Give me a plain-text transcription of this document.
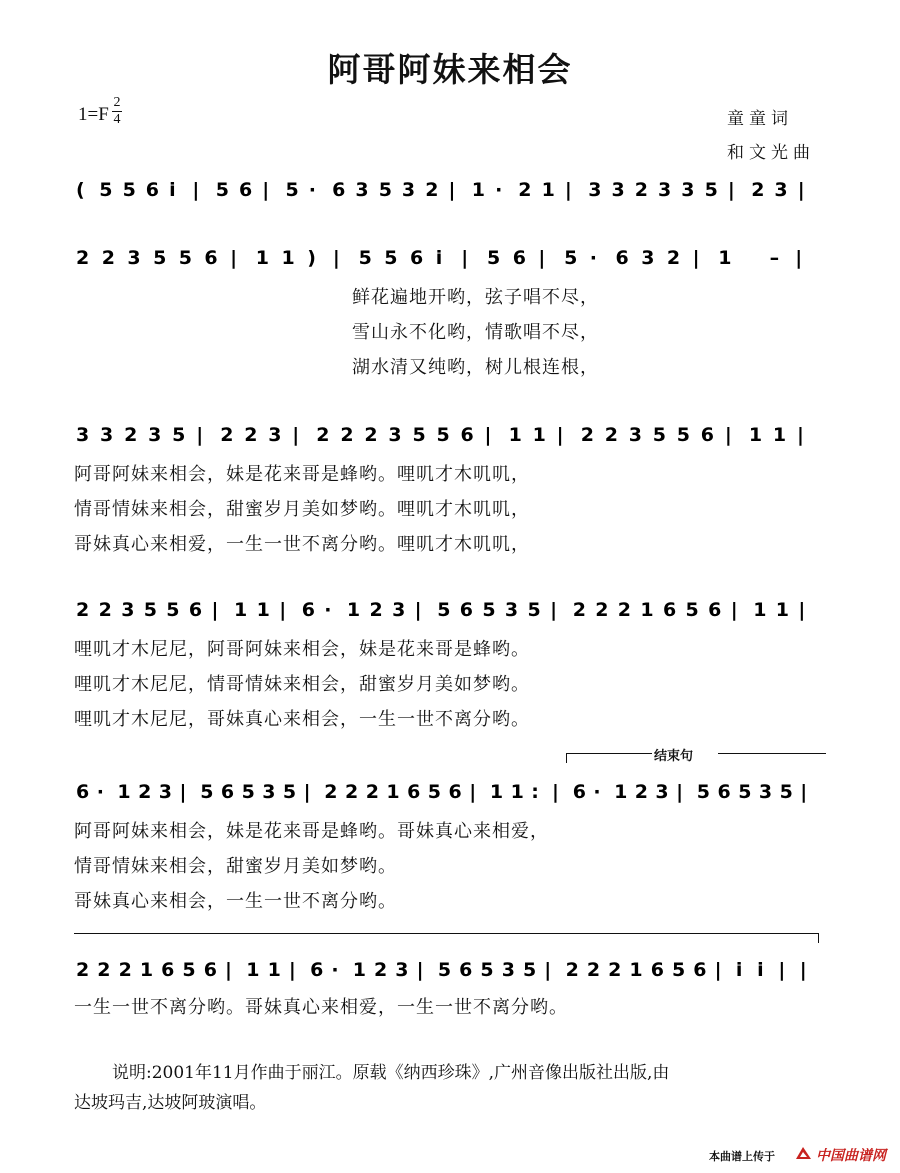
阿哥阿妹来相会
1=F
2
4	童童词
和文光曲
( 5 5 6 i | 5 6 | 5 · 6 3 5 3 2 | 1 · 2 1 | 3 3 2 3 3 5 | 2 3 |
2 2 3 5 5 6 | 1 1 ) | 5 5 6 i | 5 6 | 5 · 6 3 2 | 1 – |
鲜花遍地开哟，弦子唱不尽，
雪山永不化哟，情歌唱不尽，
湖水清又纯哟，树儿根连根，
3 3 2 3 5 | 2 2 3 | 2 2 2 3 5 5 6 | 1 1 | 2 2 3 5 5 6 | 1 1 |
阿哥阿妹来相会，妹是花来哥是蜂哟。哩叽才木叽叽，
情哥情妹来相会，甜蜜岁月美如梦哟。哩叽才木叽叽，
哥妹真心来相爱，一生一世不离分哟。哩叽才木叽叽，
2 2 3 5 5 6 | 1 1 | 6 · 1 2 3 | 5 6 5 3 5 | 2 2 2 1 6 5 6 | 1 1 |
哩叽才木尼尼，阿哥阿妹来相会，妹是花来哥是蜂哟。
哩叽才木尼尼，情哥情妹来相会，甜蜜岁月美如梦哟。
哩叽才木尼尼，哥妹真心来相会，一生一世不离分哟。
结束句
6 · 1 2 3 | 5 6 5 3 5 | 2 2 2 1 6 5 6 | 1 1 : | 6 · 1 2 3 | 5 6 5 3 5 |
阿哥阿妹来相会，妹是花来哥是蜂哟。哥妹真心来相爱，
情哥情妹来相会，甜蜜岁月美如梦哟。
哥妹真心来相会，一生一世不离分哟。
2 2 2 1 6 5 6 | 1 1 | 6 · 1 2 3 | 5 6 5 3 5 | 2 2 2 1 6 5 6 | i i | |
一生一世不离分哟。哥妹真心来相爱，一生一世不离分哟。
说明:2001年11月作曲于丽江。原载《纳西珍珠》,广州音像出版社出版,由
达坡玛吉,达坡阿玻演唱。
本曲谱上传于	中国曲谱网
